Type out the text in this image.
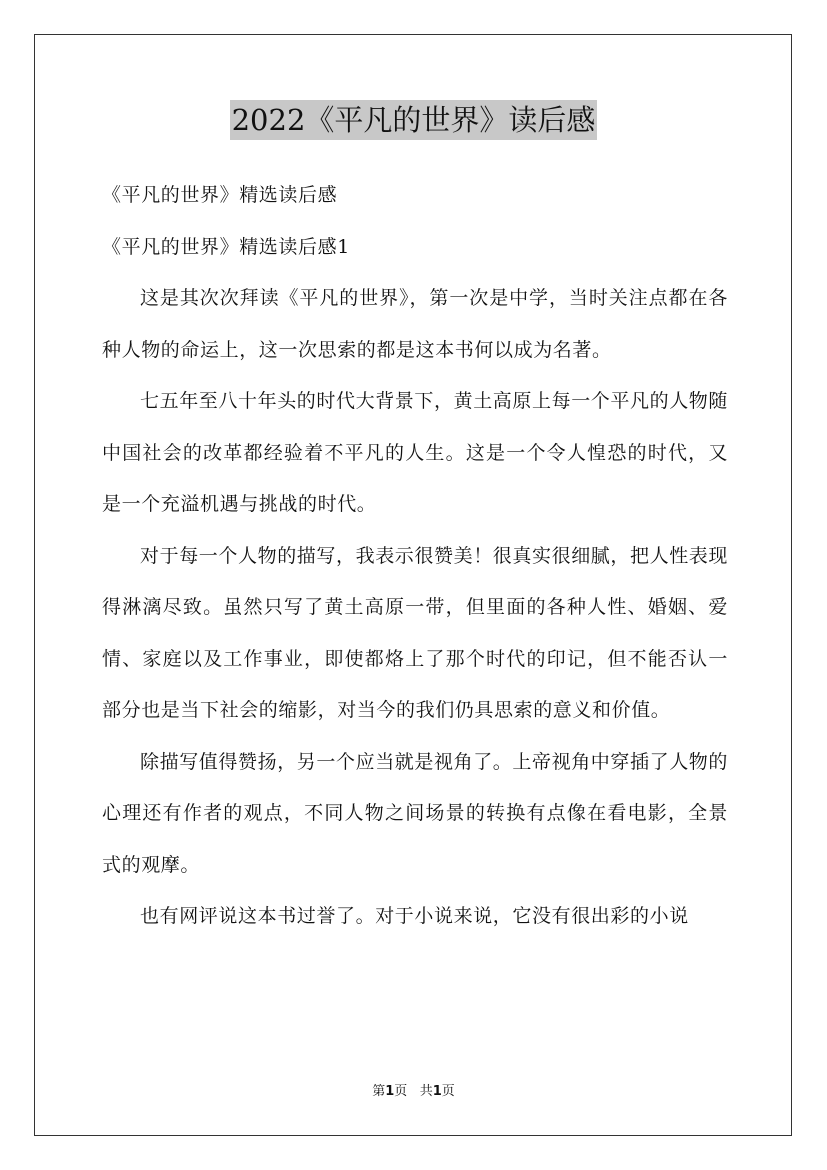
2022《平凡的世界》读后感

《平凡的世界》精选读后感

《平凡的世界》精选读后感1

这是其次次拜读《平凡的世界》，第一次是中学，当时关注点都在各种人物的命运上，这一次思索的都是这本书何以成为名著。

七五年至八十年头的时代大背景下，黄土高原上每一个平凡的人物随中国社会的改革都经验着不平凡的人生。这是一个令人惶恐的时代，又是一个充溢机遇与挑战的时代。

对于每一个人物的描写，我表示很赞美！很真实很细腻，把人性表现得淋漓尽致。虽然只写了黄土高原一带，但里面的各种人性、婚姻、爱情、家庭以及工作事业，即使都烙上了那个时代的印记，但不能否认一部分也是当下社会的缩影，对当今的我们仍具思索的意义和价值。

除描写值得赞扬，另一个应当就是视角了。上帝视角中穿插了人物的心理还有作者的观点，不同人物之间场景的转换有点像在看电影，全景式的观摩。

也有网评说这本书过誉了。对于小说来说，它没有很出彩的小说

第1页 共1页
